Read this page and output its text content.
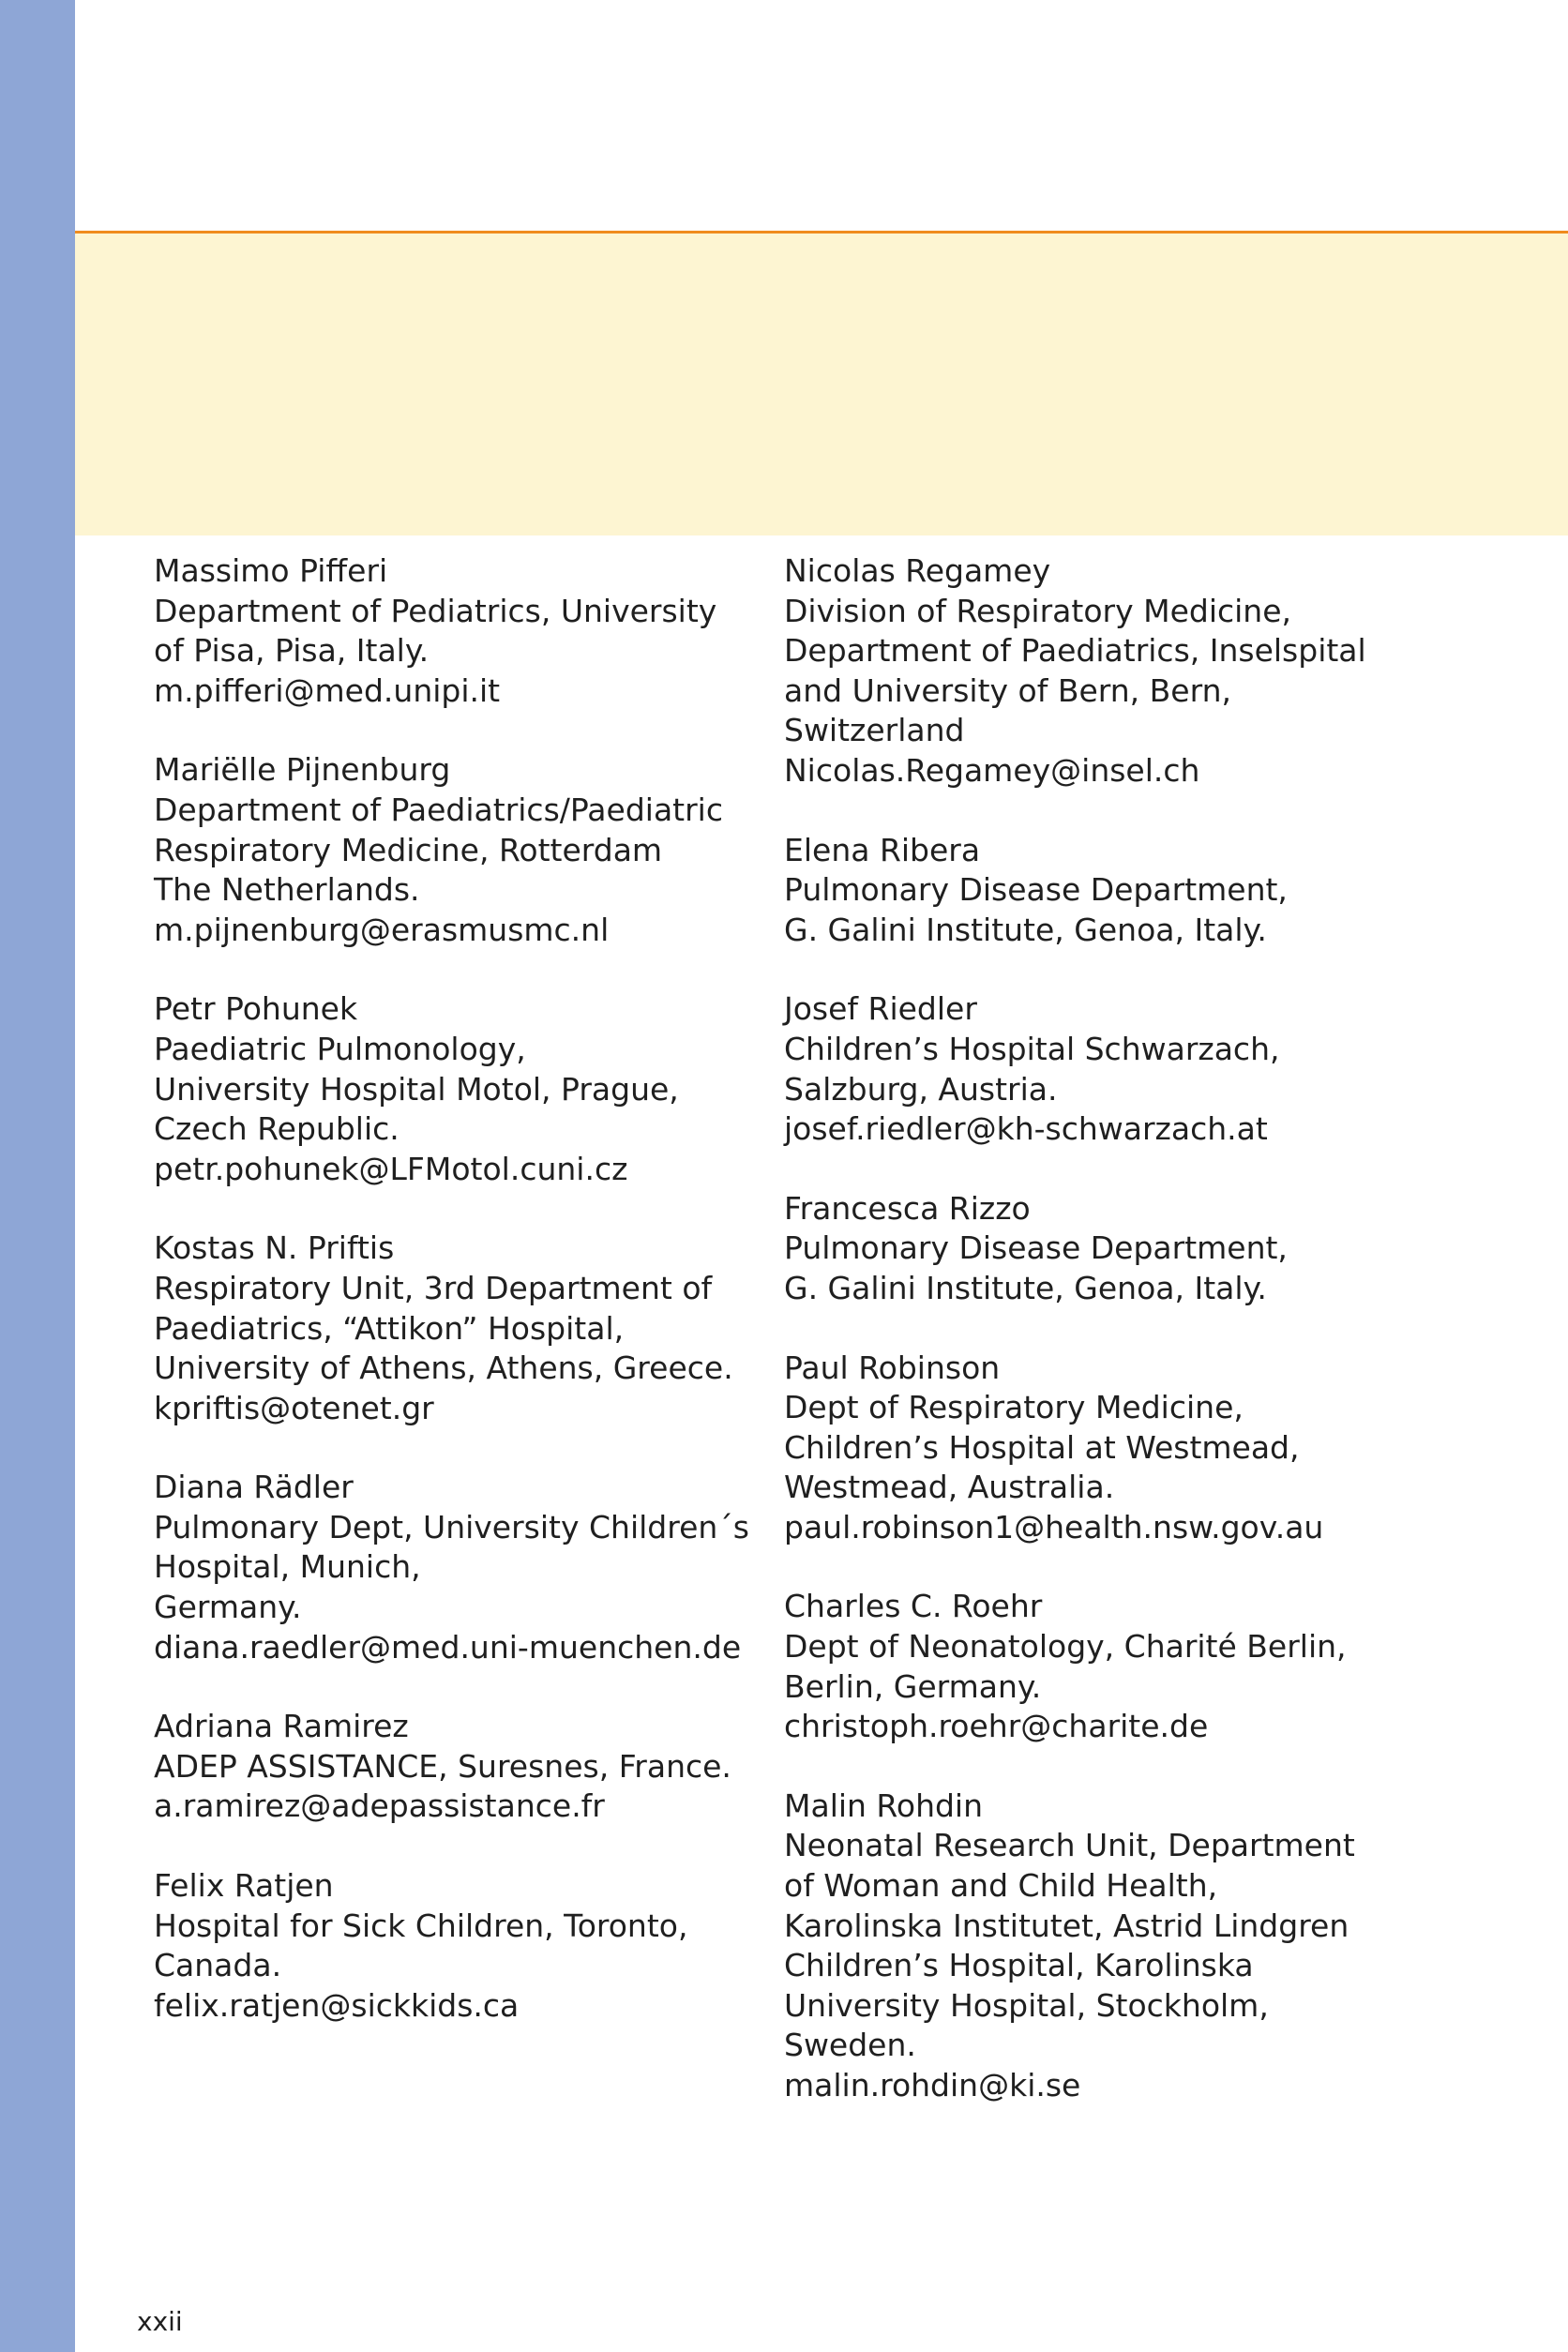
Massimo Pifferi
Department of Pediatrics, University
of Pisa, Pisa, Italy.
m.pifferi@med.unipi.it
Mariëlle Pijnenburg
Department of Paediatrics/Paediatric
Respiratory Medicine, Rotterdam
The Netherlands.
m.pijnenburg@erasmusmc.nl
Petr Pohunek
Paediatric Pulmonology,
University Hospital Motol, Prague,
Czech Republic.
petr.pohunek@LFMotol.cuni.cz
Kostas N. Priftis
Respiratory Unit, 3rd Department of
Paediatrics, “Attikon” Hospital,
University of Athens, Athens, Greece.
kpriftis@otenet.gr
Diana Rädler
Pulmonary Dept, University Children´s
Hospital, Munich,
Germany.
diana.raedler@med.uni-muenchen.de
Adriana Ramirez
ADEP ASSISTANCE, Suresnes, France.
a.ramirez@adepassistance.fr
Felix Ratjen
Hospital for Sick Children, Toronto,
Canada.
felix.ratjen@sickkids.ca
Nicolas Regamey
Division of Respiratory Medicine,
Department of Paediatrics, Inselspital
and University of Bern, Bern,
Switzerland
Nicolas.Regamey@insel.ch
Elena Ribera
Pulmonary Disease Department,
G. Galini Institute, Genoa, Italy.
Josef Riedler
Children’s Hospital Schwarzach,
Salzburg, Austria.
josef.riedler@kh-schwarzach.at
Francesca Rizzo
Pulmonary Disease Department,
G. Galini Institute, Genoa, Italy.
Paul Robinson
Dept of Respiratory Medicine,
Children’s Hospital at Westmead,
Westmead, Australia.
paul.robinson1@health.nsw.gov.au
Charles C. Roehr
Dept of Neonatology, Charité Berlin,
Berlin, Germany.
christoph.roehr@charite.de
Malin Rohdin
Neonatal Research Unit, Department
of Woman and Child Health,
Karolinska Institutet, Astrid Lindgren
Children’s Hospital, Karolinska
University Hospital, Stockholm,
Sweden.
malin.rohdin@ki.se
xxii
